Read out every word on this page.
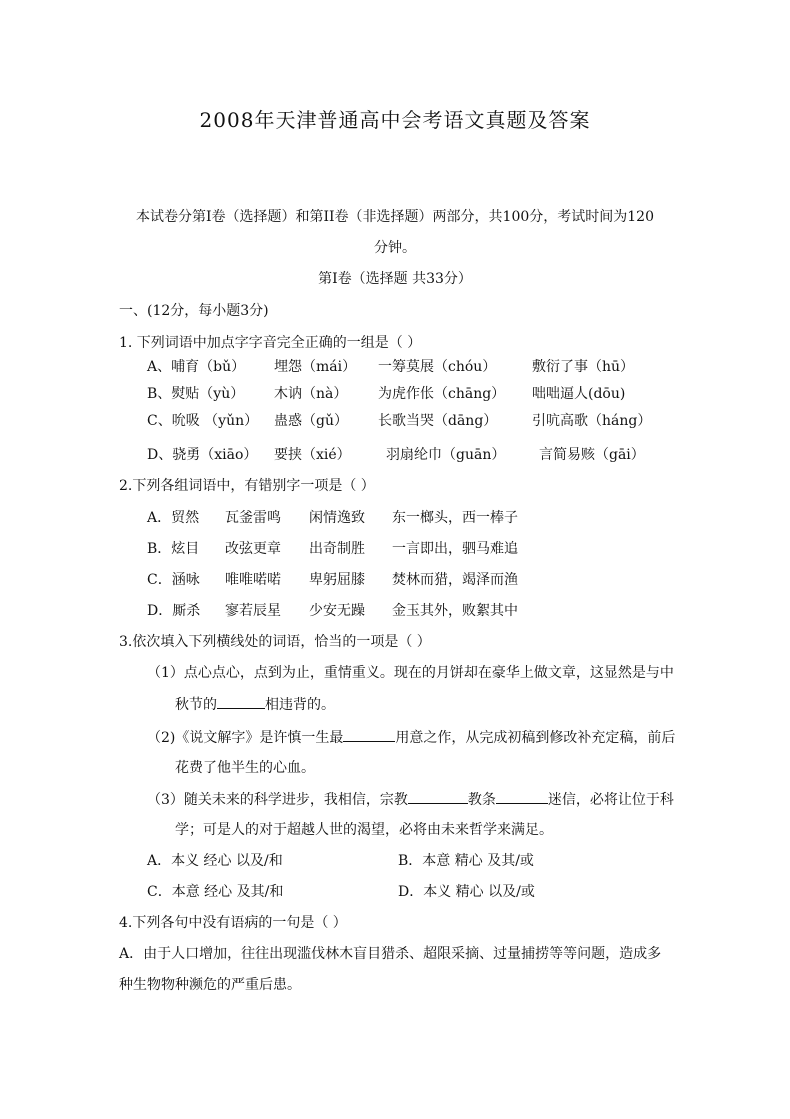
2008年天津普通高中会考语文真题及答案
本试卷分第Ⅰ卷（选择题）和第II卷（非选择题）两部分，共100分，考试时间为120
分钟。
第Ⅰ卷（选择题 共33分）
一、(12分，每小题3分)
1. 下列词语中加点字字音完全正确的一组是（ ）
A、哺育（bǔ） 埋怨（mái） 一筹莫展（chóu）	敷衍了事（hū）
B、熨贴（yù） 木讷（nà） 为虎作伥（chāng） 咄咄逼人(dōu)
C、吮吸 （yǔn） 蛊惑（gǔ） 长歌当哭（dāng） 引吭高歌（háng）
D、骁勇（xiāo） 要挟（xié）	羽扇纶巾（guān） 言简易赅（gāi）
2.下列各组词语中，有错别字一项是（ ）
A．贸然 瓦釜雷鸣 闲情逸致 东一榔头，西一棒子
B．炫目 改弦更章 出奇制胜 一言即出，驷马难追
C．涵咏 唯唯喏喏 卑躬屈膝 焚林而猎，竭泽而渔
D．厮杀 寥若辰星 少安无躁 金玉其外，败絮其中
3.依次填入下列横线处的词语，恰当的一项是（ ）
（1）点心点心，点到为止，重情重义。现在的月饼却在豪华上做文章，这显然是与中
秋节的	相违背的。
（2)《说文解字》是许慎一生最	用意之作，从完成初稿到修改补充定稿，前后
花费了他半生的心血。
（3）随关未来的科学进步，我相信，宗教	教条	迷信，必将让位于科
学；可是人的对于超越人世的渴望，必将由未来哲学来满足。
A．本义 经心 以及/和	B．本意 精心 及其/或
C．本意 经心 及其/和	D．本义 精心 以及/或
4.下列各句中没有语病的一句是（ ）
A．由于人口增加，往往出现滥伐林木盲目猎杀、超限采摘、过量捕捞等等问题，造成多
种生物物种濒危的严重后患。
